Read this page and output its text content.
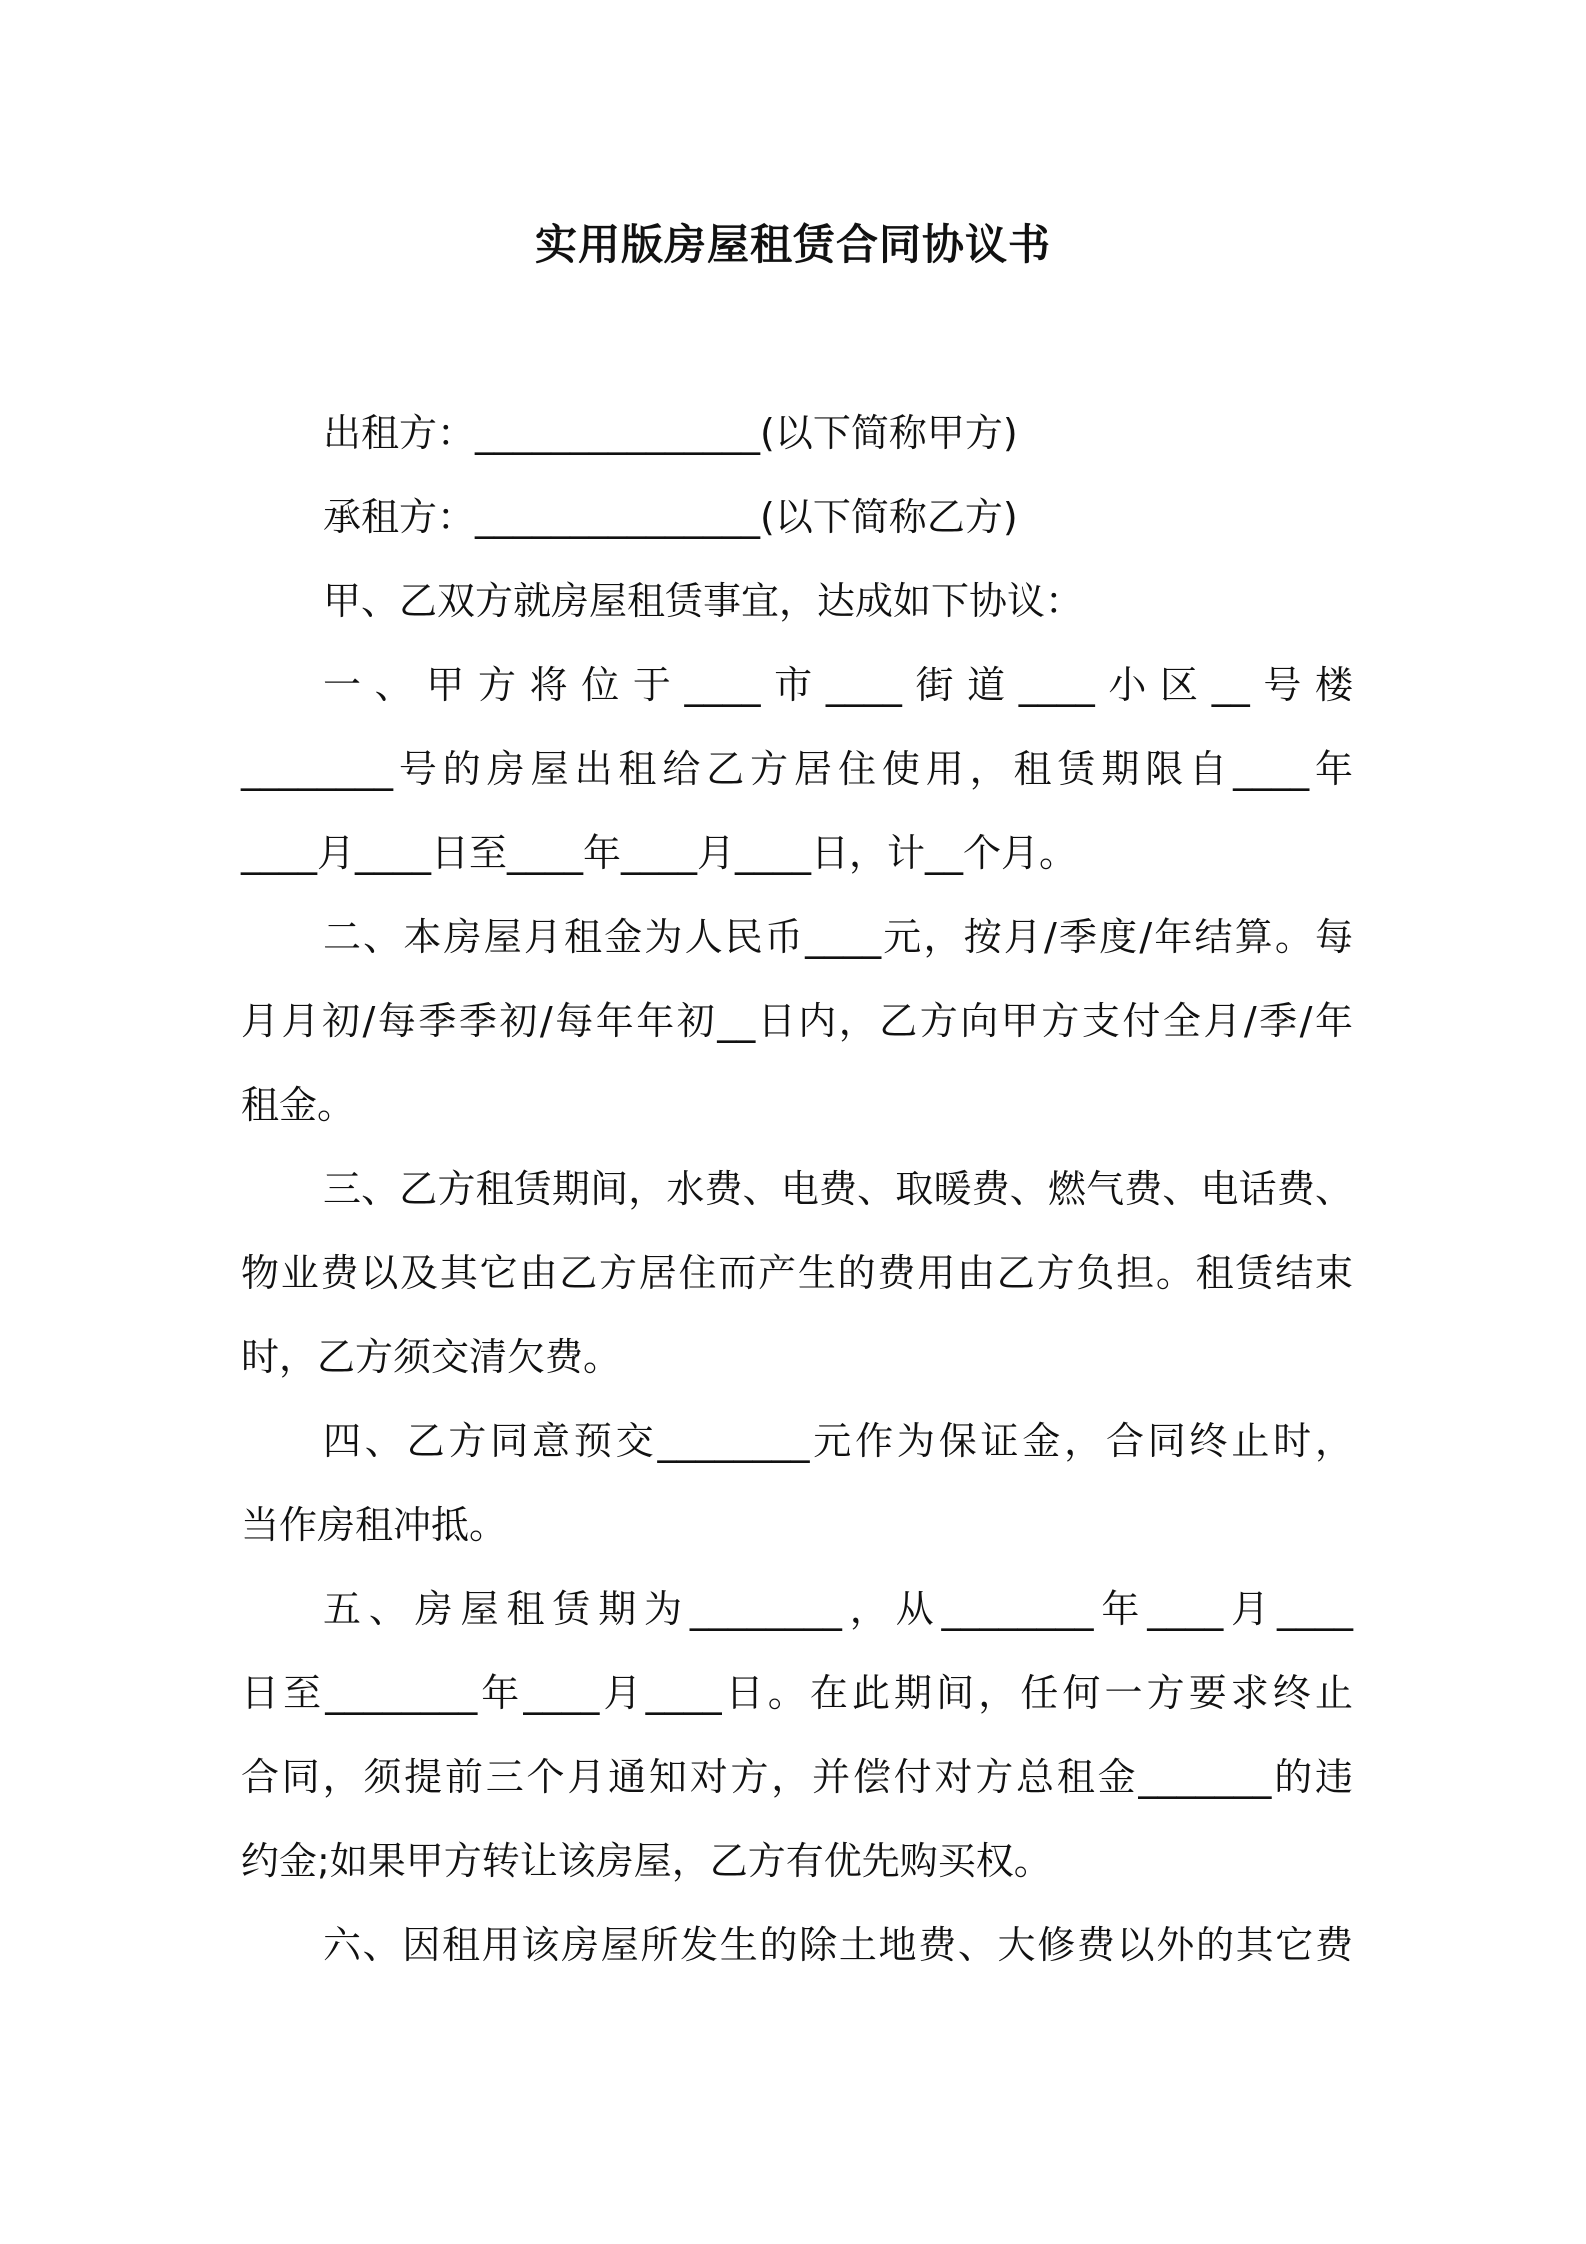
实用版房屋租赁合同协议书

出租方：_______________(以下简称甲方)

承租方：_______________(以下简称乙方)

甲、乙双方就房屋租赁事宜，达成如下协议：

一、甲方将位于____市____街道____小区__号楼

________号的房屋出租给乙方居住使用，租赁期限自____年

____月____日至____年____月____日，计__个月。

二、本房屋月租金为人民币____元，按月/季度/年结算。每

月月初/每季季初/每年年初__日内，乙方向甲方支付全月/季/年

租金。

三、乙方租赁期间，水费、电费、取暖费、燃气费、电话费、

物业费以及其它由乙方居住而产生的费用由乙方负担。租赁结束

时，乙方须交清欠费。

四、乙方同意预交________元作为保证金，合同终止时，

当作房租冲抵。

五、房屋租赁期为________，从________年____月____

日至________年____月____日。在此期间，任何一方要求终止

合同，须提前三个月通知对方，并偿付对方总租金_______的违

约金;如果甲方转让该房屋，乙方有优先购买权。

六、因租用该房屋所发生的除土地费、大修费以外的其它费
